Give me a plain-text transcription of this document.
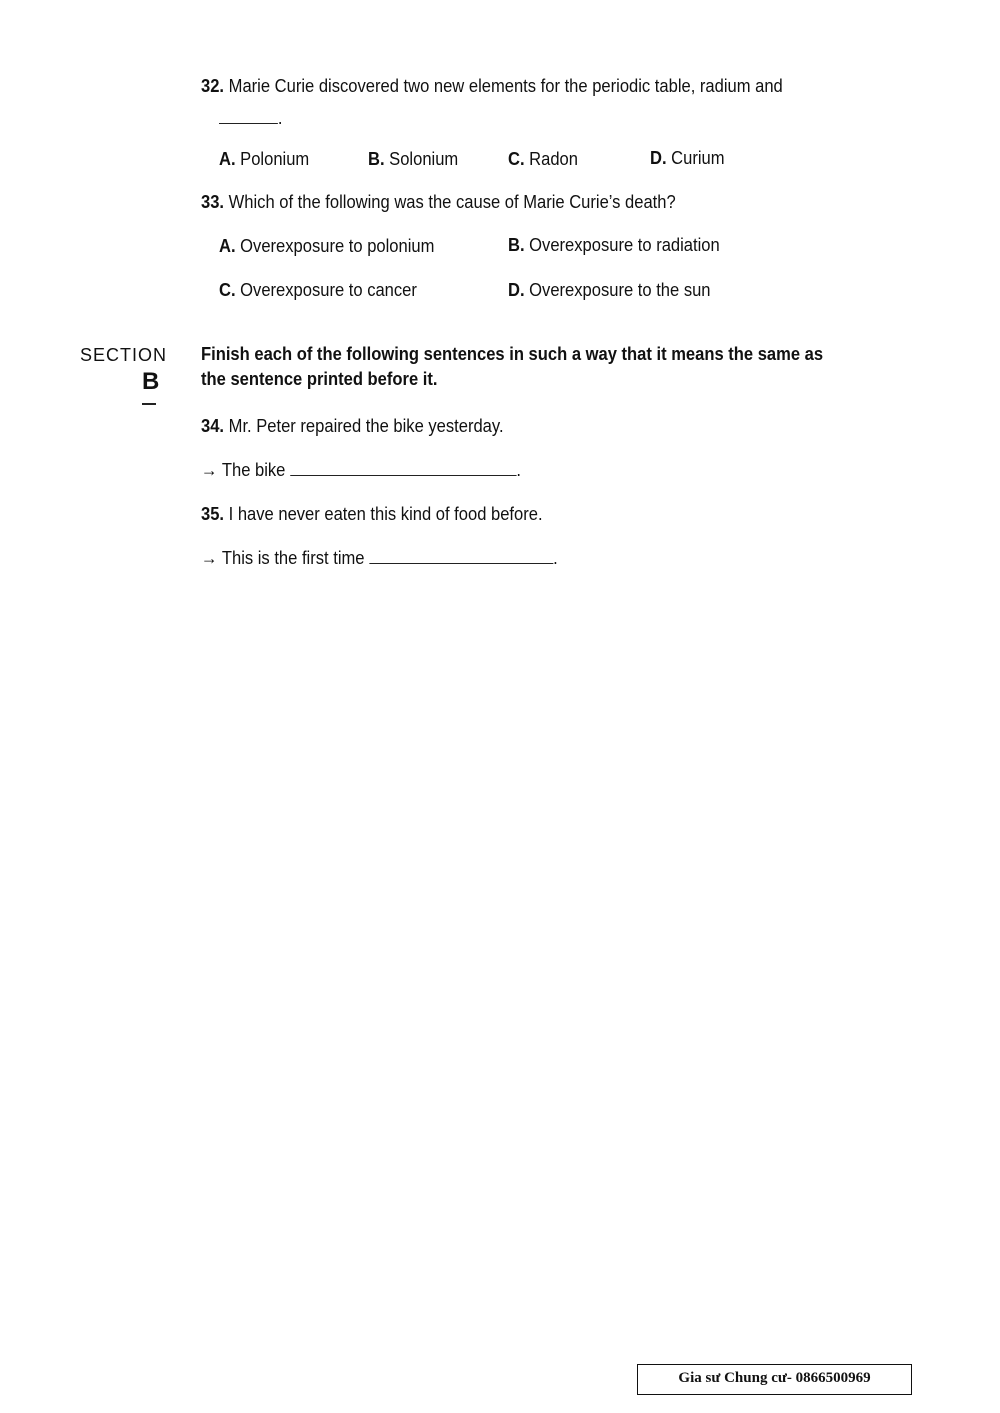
32. Marie Curie discovered two new elements for the periodic table, radium and
.
A. Polonium	B. Solonium	C. Radon	D. Curium
33. Which of the following was the cause of Marie Curie’s death?
A. Overexposure to polonium	B. Overexposure to radiation
C. Overexposure to cancer	D. Overexposure to the sun
SECTION
B
Finish each of the following sentences in such a way that it means the same as
the sentence printed before it.
34. Mr. Peter repaired the bike yesterday.
→ The bike	.
35. I have never eaten this kind of food before.
→ This is the first time	.
Gia sư Chung cư- 0866500969
